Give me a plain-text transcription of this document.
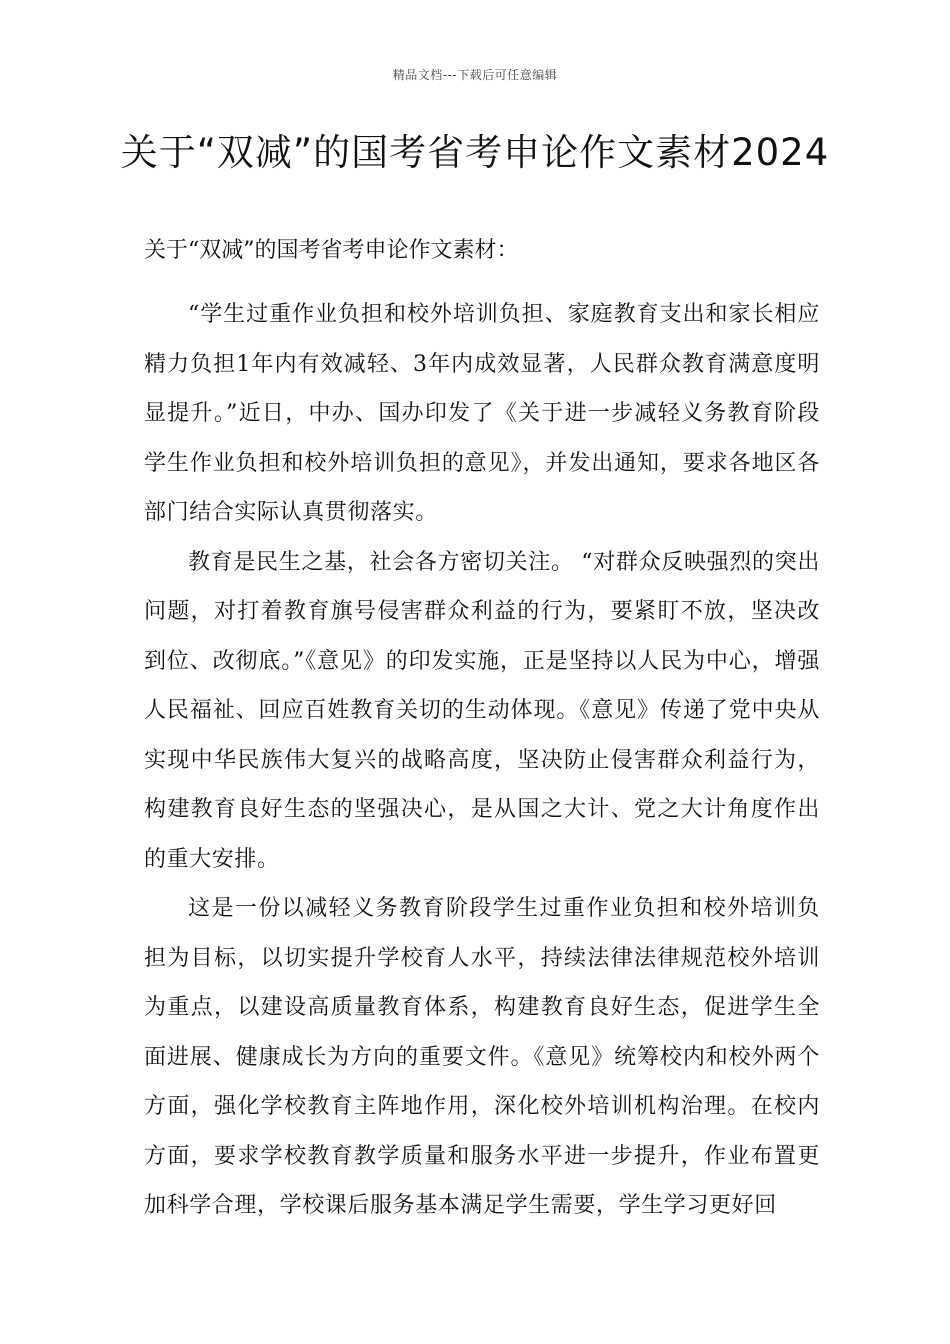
精品文档---下载后可任意编辑
关于“双减”的国考省考申论作文素材2024

关于“双减”的国考省考申论作文素材：

“学生过重作业负担和校外培训负担、家庭教育支出和家长相应精力负担1年内有效减轻、3年内成效显著，人民群众教育满意度明显提升。”近日，中办、国办印发了《关于进一步减轻义务教育阶段学生作业负担和校外培训负担的意见》，并发出通知，要求各地区各部门结合实际认真贯彻落实。

教育是民生之基，社会各方密切关注。 “对群众反映强烈的突出问题，对打着教育旗号侵害群众利益的行为，要紧盯不放，坚决改到位、改彻底。”《意见》的印发实施，正是坚持以人民为中心，增强人民福祉、回应百姓教育关切的生动体现。《意见》传递了党中央从实现中华民族伟大复兴的战略高度，坚决防止侵害群众利益行为，构建教育良好生态的坚强决心，是从国之大计、党之大计角度作出的重大安排。

这是一份以减轻义务教育阶段学生过重作业负担和校外培训负担为目标，以切实提升学校育人水平，持续法律法律规范校外培训为重点，以建设高质量教育体系，构建教育良好生态，促进学生全面进展、健康成长为方向的重要文件。《意见》统筹校内和校外两个方面，强化学校教育主阵地作用，深化校外培训机构治理。在校内方面，要求学校教育教学质量和服务水平进一步提升，作业布置更加科学合理，学校课后服务基本满足学生需要，学生学习更好回
